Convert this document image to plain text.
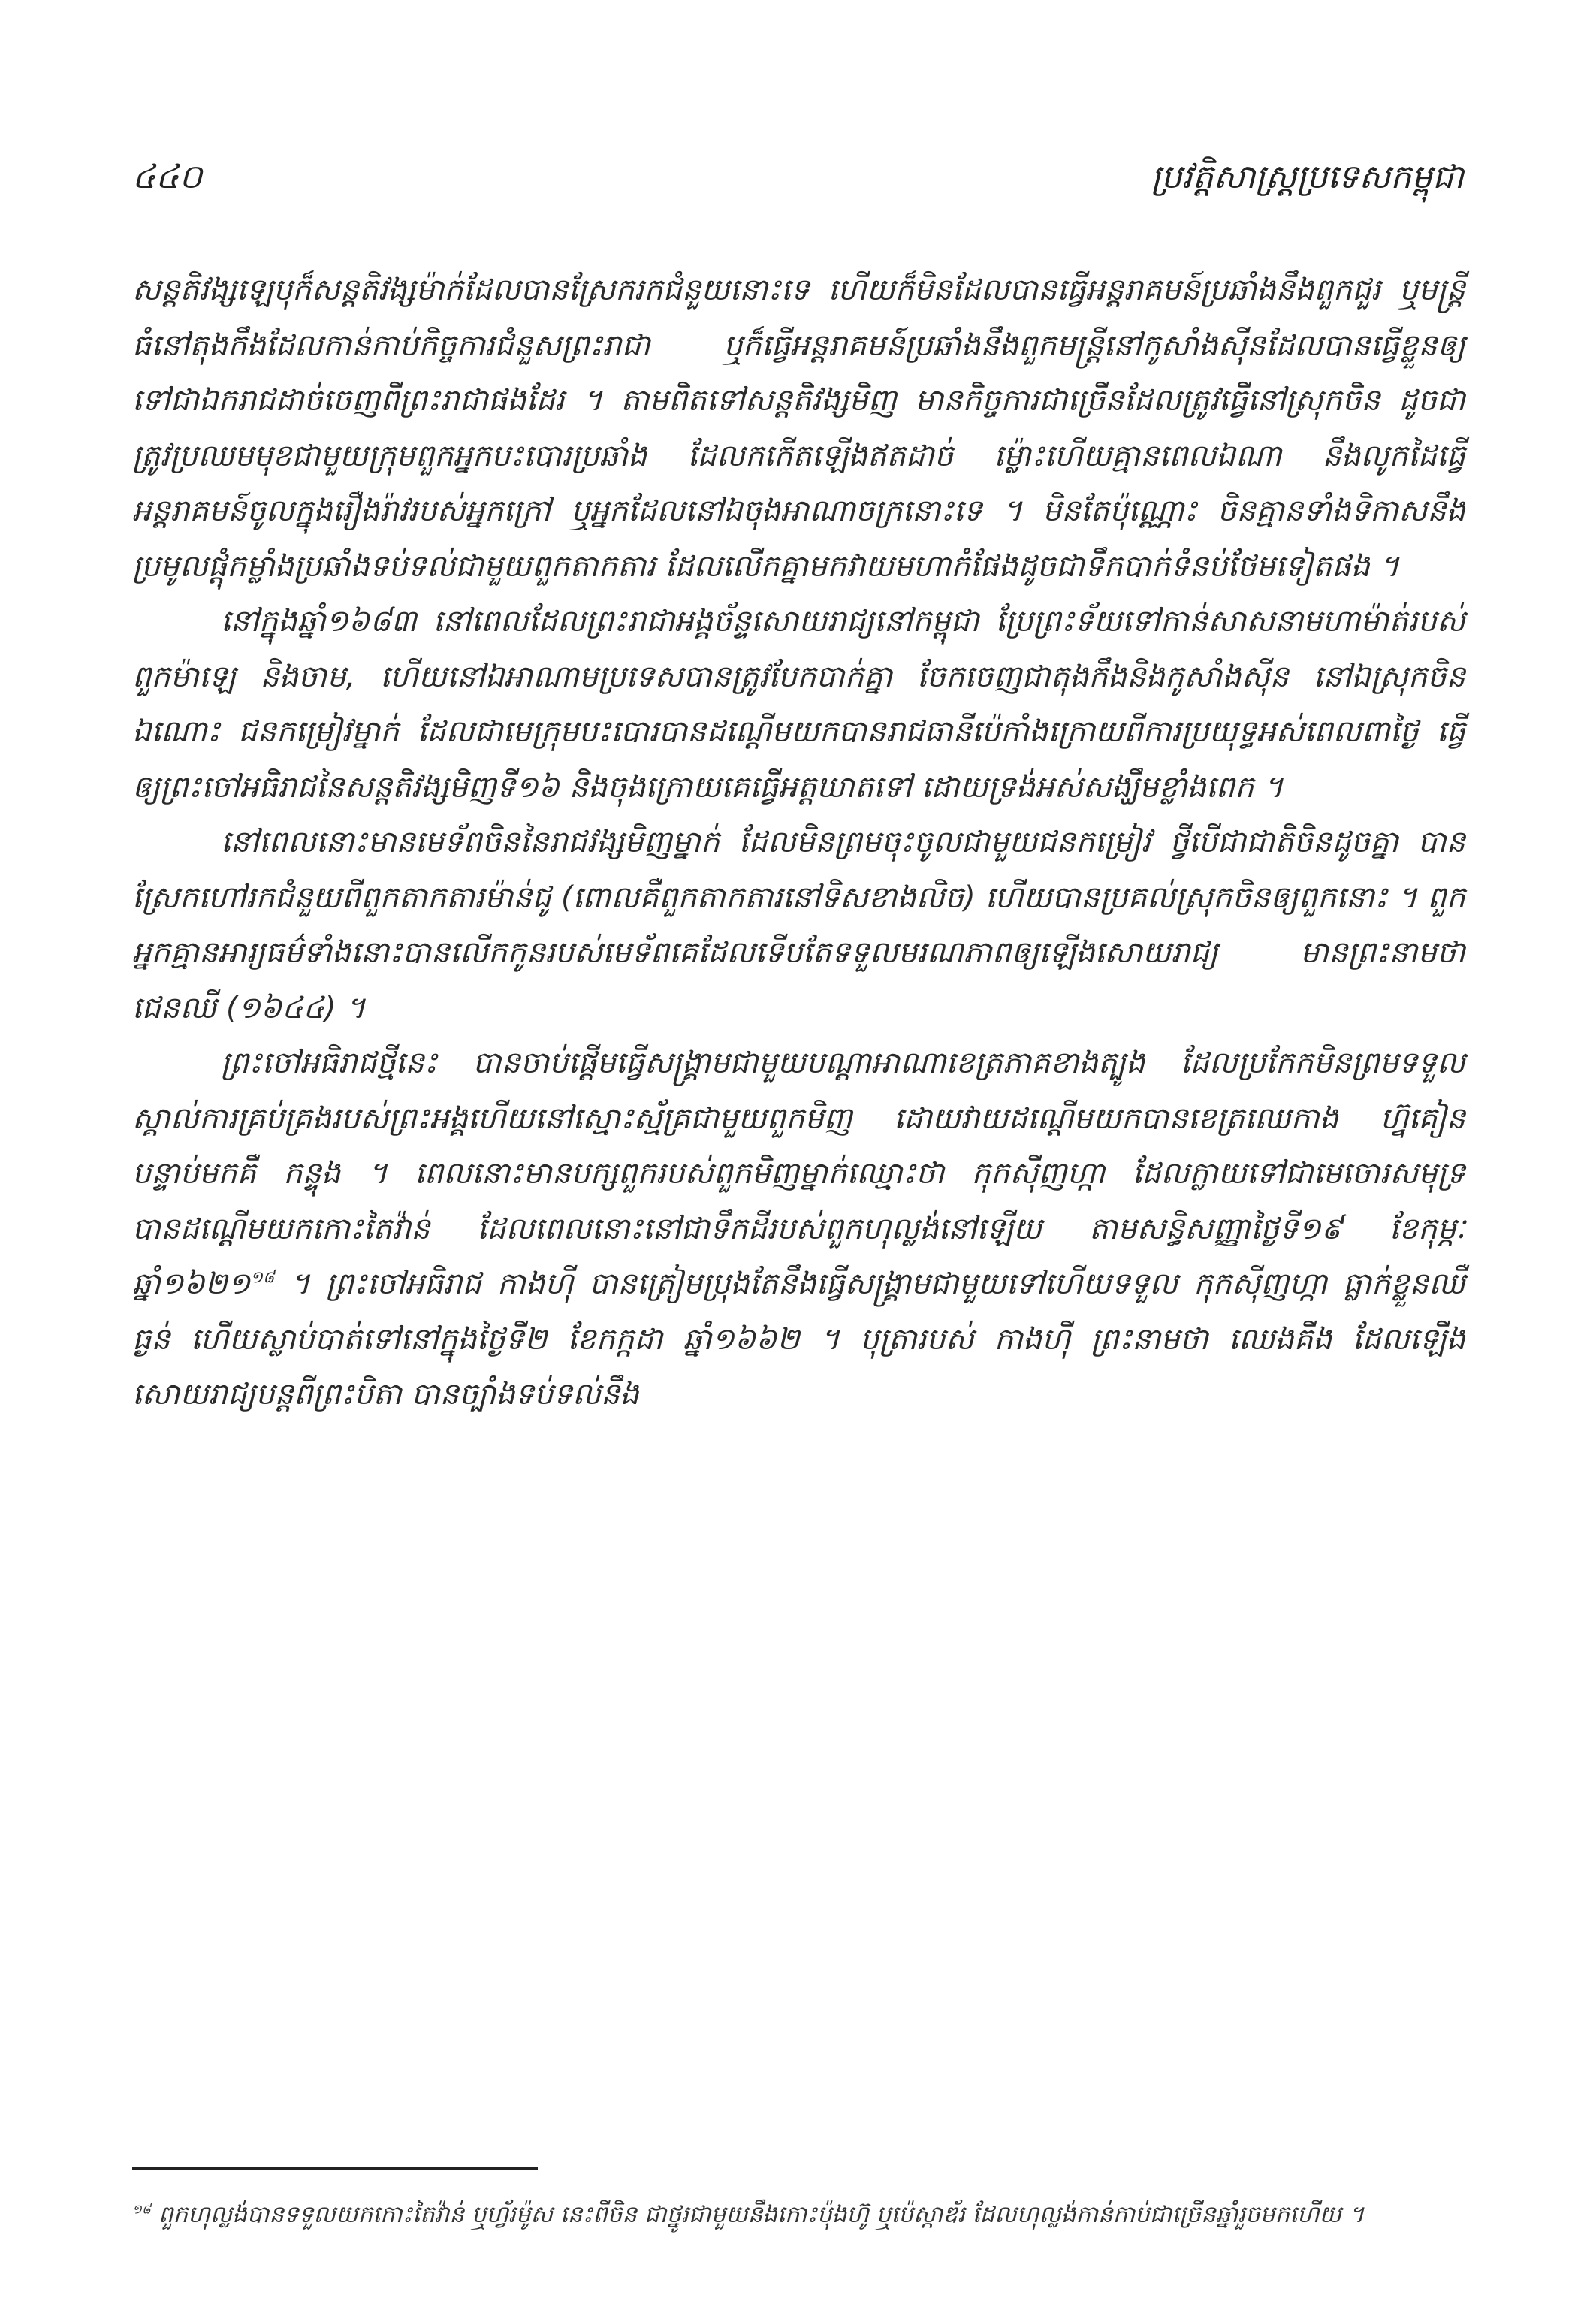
៤៤០	ប្រវត្តិសាស្ត្រប្រទេសកម្ពុជា

សន្តតិវង្សឡេបុក៏សន្តតិវង្សម៉ាក់ដែលបានស្រែករកជំនួយនោះទេ ហើយក៏មិនដែលបានធ្វើអន្តរាគមន៍ប្រឆាំងនឹងពួកជួរ ឬមន្ត្រីធំនៅតុងកឹងដែលកាន់កាប់កិច្ចការជំនួសព្រះរាជា ឬក៏ធ្វើអន្តរាគមន៍ប្រឆាំងនឹងពួកមន្ត្រីនៅកូសាំងស៊ីនដែលបានធ្វើខ្លួនឲ្យទៅជាឯករាជដាច់ចេញពីព្រះរាជាផងដែរ ។ តាមពិតទៅសន្តតិវង្សមិញ មានកិច្ចការជាច្រើនដែលត្រូវធ្វើនៅស្រុកចិន ដូចជាត្រូវប្រឈមមុខជាមួយក្រុមពួកអ្នកបះបោរប្រឆាំង ដែលកកើតឡើងឥតដាច់ ម្ល៉ោះហើយគ្មានពេលឯណា នឹងលូកដៃធ្វើអន្តរាគមន៍ចូលក្នុងរឿងរ៉ាវរបស់អ្នកក្រៅ ឬអ្នកដែលនៅឯចុងអាណាចក្រនោះទេ ។ មិនតែប៉ុណ្ណោះ ចិនគ្មានទាំងទិកាសនឹងប្រមូលផ្តុំកម្លាំងប្រឆាំងទប់ទល់ជាមួយពួកតាកតារ ដែលលើកគ្នាមកវាយមហាកំផែងដូចជាទឹកបាក់ទំនប់ថែមទៀតផង ។

នៅក្នុងឆ្នាំ១៦៨៣ នៅពេលដែលព្រះរាជាអង្គច័ន្ទសោយរាជ្យនៅកម្ពុជា ប្រែព្រះទ័យទៅកាន់សាសនាមហាម៉ាត់របស់ពួកម៉ាឡេ និងចាម, ហើយនៅឯអាណាមប្រទេសបានត្រូវបែកបាក់គ្នា ចែកចេញជាតុងកឹងនិងកូសាំងស៊ីន នៅឯស្រុកចិនឯណោះ ជនកម្រៀវម្នាក់ ដែលជាមេក្រុមបះបោរបានដណ្តើមយកបានរាជធានីប៉េកាំងក្រោយពីការប្រយុទ្ធអស់ពេលពាថ្ងៃ ធ្វើឲ្យព្រះចៅអធិរាជនៃសន្តតិវង្សមិញទី១៦ និងចុងក្រោយគេធ្វើអត្តឃាតទៅ ដោយទ្រង់អស់សង្ឃឹមខ្លាំងពេក ។

នៅពេលនោះមានមេទ័ពចិននៃរាជវង្សមិញម្នាក់ ដែលមិនព្រមចុះចូលជាមួយជនកម្រៀវ ថ្វីបើជាជាតិចិនដូចគ្នា បានស្រែកហៅរកជំនួយពីពួកតាកតារម៉ាន់ជូ (ពោលគឺពួកតាកតារនៅទិសខាងលិច) ហើយបានប្រគល់ស្រុកចិនឲ្យពួកនោះ ។ ពួកអ្នកគ្មានអារ្យធម៌ទាំងនោះបានលើកកូនរបស់មេទ័ពគេដែលទើបតែទទួលមរណភាពឲ្យឡើងសោយរាជ្យ មានព្រះនាមថា ជេនឈី (១៦៤៤) ។

ព្រះចៅអធិរាជថ្មីនេះ បានចាប់ផ្តើមធ្វើសង្គ្រាមជាមួយបណ្តាអាណាខេត្រភាគខាងត្បូង ដែលប្រកែកមិនព្រមទទួលស្គាល់ការគ្រប់គ្រងរបស់ព្រះអង្គហើយនៅស្មោះស្ម័គ្រជាមួយពួកមិញ ដោយវាយដណ្តើមយកបានខេត្រឈេកាង ហ្វ៊ុគៀន បន្ទាប់មកគឺ កន្ទុង ។ ពេលនោះមានបក្សពួករបស់ពួកមិញម្នាក់ឈ្មោះថា កុកស៊ីញហ្កា ដែលក្លាយទៅជាមេចោរសមុទ្រ បានដណ្តើមយកកោះតៃវ៉ាន់ ដែលពេលនោះនៅជាទឹកដីរបស់ពួកហុល្លង់នៅឡើយ តាមសន្ធិសញ្ញាថ្ងៃទី១៩ ខែកុម្ភៈ ឆ្នាំ១៦២១$^{១៨}$ ។ ព្រះចៅអធិរាជ កាងហ៊ី បានត្រៀមប្រុងតែនឹងធ្វើសង្គ្រាមជាមួយទៅហើយទទួល កុកស៊ីញហ្កា ធ្លាក់ខ្លួនឈឺធ្ងន់ ហើយស្លាប់បាត់ទៅនៅក្នុងថ្ងៃទី២ ខែកក្កដា ឆ្នាំ១៦៦២ ។ បុត្រារបស់ កាងហ៊ី ព្រះនាមថា ឈេងគីង ដែលឡើងសោយរាជ្យបន្តពីព្រះបិតា បានច្បាំងទប់ទល់នឹង

$^{១៨}$ ពួកហុល្លង់បានទទួលយកកោះតៃវ៉ាន់ ឬហ្វ័រម៉ូស នេះពីចិន ជាថ្នូរជាមួយនឹងកោះប៉ុងហ៊ូ ឬប៉េស្កាឌ័រ ដែលហុល្លង់កាន់កាប់ជាច្រើនឆ្នាំរួចមកហើយ ។
